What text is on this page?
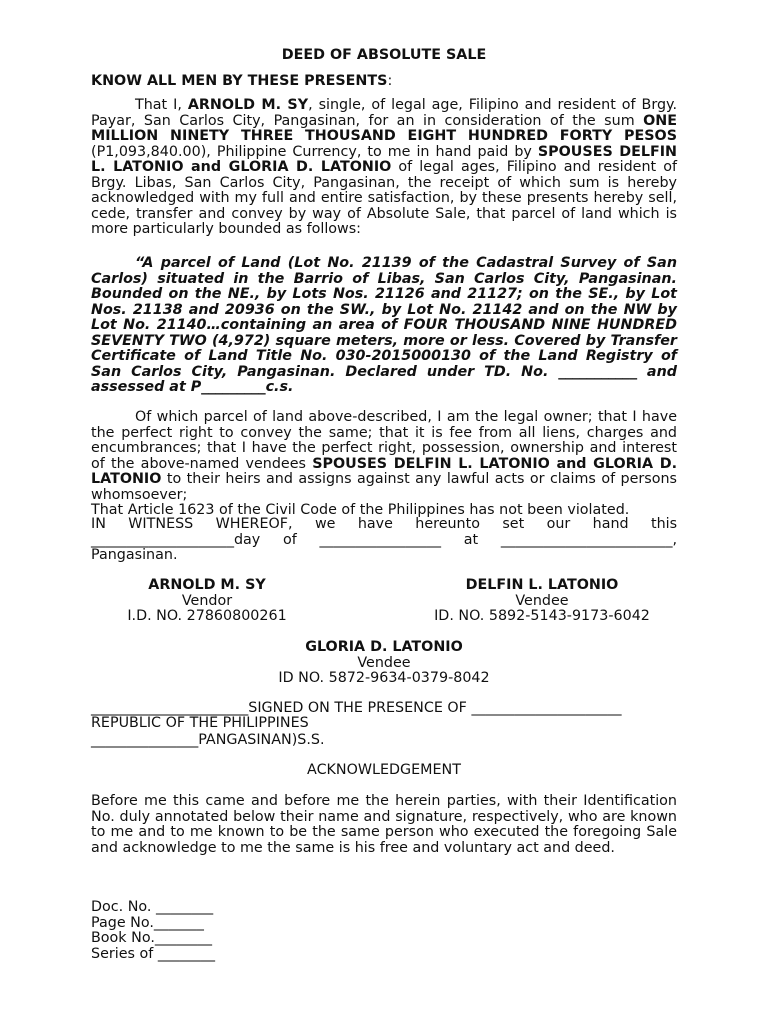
DEED OF ABSOLUTE SALE

KNOW ALL MEN BY THESE PRESENTS:

That I, ARNOLD M. SY, single, of legal age, Filipino and resident of Brgy. Payar, San Carlos City, Pangasinan, for an in consideration of the sum ONE MILLION NINETY THREE THOUSAND EIGHT HUNDRED FORTY PESOS (P1,093,840.00), Philippine Currency, to me in hand paid by SPOUSES DELFIN L. LATONIO and GLORIA D. LATONIO of legal ages, Filipino and resident of Brgy. Libas, San Carlos City, Pangasinan, the receipt of which sum is hereby acknowledged with my full and entire satisfaction, by these presents hereby sell, cede, transfer and convey by way of Absolute Sale, that parcel of land which is more particularly bounded as follows:

“A parcel of Land (Lot No. 21139 of the Cadastral Survey of San Carlos) situated in the Barrio of Libas, San Carlos City, Pangasinan. Bounded on the NE., by Lots Nos. 21126 and 21127; on the SE., by Lot Nos. 21138 and 20936 on the SW., by Lot No. 21142 and on the NW by Lot No. 21140…containing an area of FOUR THOUSAND NINE HUNDRED SEVENTY TWO (4,972) square meters, more or less. Covered by Transfer Certificate of Land Title No. 030-2015000130 of the Land Registry of San Carlos City, Pangasinan. Declared under TD. No. ___________ and assessed at P_________c.s.

Of which parcel of land above-described, I am the legal owner; that I have the perfect right to convey the same; that it is fee from all liens, charges and encumbrances; that I have the perfect right, possession, ownership and interest of the above-named vendees SPOUSES DELFIN L. LATONIO and GLORIA D. LATONIO to their heirs and assigns against any lawful acts or claims of persons whomsoever;
That Article 1623 of the Civil Code of the Philippines has not been violated.

IN WITNESS WHEREOF, we have hereunto set our hand this

____________________day of _________________ at ________________________,

Pangasinan.

ARNOLD M. SY
Vendor
I.D. NO. 27860800261
DELFIN L. LATONIO
Vendee
ID. NO. 5892-5143-9173-6042
GLORIA D. LATONIO
Vendee
ID NO. 5872-9634-0379-8042

______________________SIGNED ON THE PRESENCE OF _____________________

REPUBLIC OF THE PHILIPPINES

_______________PANGASINAN)S.S.

ACKNOWLEDGEMENT

Before me this came and before me the herein parties, with their Identification No. duly annotated below their name and signature, respectively, who are known to me and to me known to be the same person who executed the foregoing Sale and acknowledge to me the same is his free and voluntary act and deed.

Doc. No. ________
Page No._______
Book No.________
Series of ________
